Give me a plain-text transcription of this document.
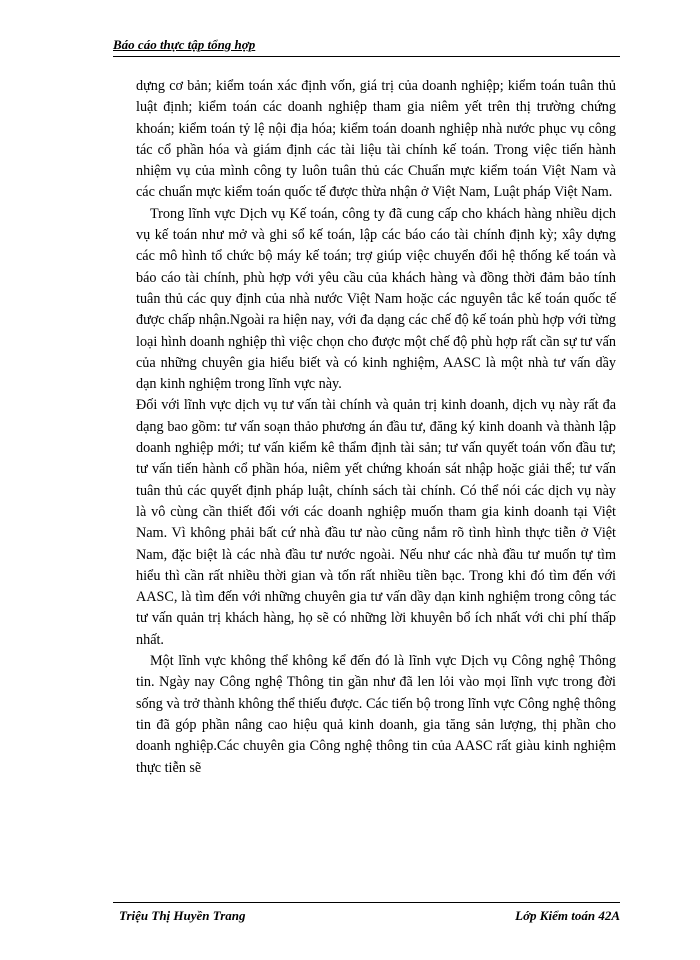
Báo cáo thực tập tổng hợp

dựng cơ bản; kiểm toán xác định vốn, giá trị của doanh nghiệp; kiểm toán tuân thủ luật định; kiểm toán các doanh nghiệp tham gia niêm yết trên thị trường chứng khoán; kiểm toán tỷ lệ nội địa hóa; kiểm toán doanh nghiệp nhà nước phục vụ công tác cổ phần hóa và giám định các tài liệu tài chính kế toán. Trong việc tiến hành nhiệm vụ của mình công ty luôn tuân thủ các Chuẩn mực kiểm toán Việt Nam và các chuẩn mực kiểm toán quốc tế được thừa nhận ở Việt Nam, Luật pháp Việt Nam.

Trong lĩnh vực Dịch vụ Kế toán, công ty đã cung cấp cho khách hàng nhiều dịch vụ kế toán như mở và ghi sổ kế toán, lập các báo cáo tài chính định kỳ; xây dựng các mô hình tổ chức bộ máy kế toán; trợ giúp việc chuyển đổi hệ thống kế toán và báo cáo tài chính, phù hợp với yêu cầu của khách hàng và đồng thời đảm bảo tính tuân thủ các quy định của nhà nước Việt Nam hoặc các nguyên tắc kế toán quốc tế được chấp nhận.Ngoài ra hiện nay, với đa dạng các chế độ kế toán phù hợp với từng loại hình doanh nghiệp thì việc chọn cho được một chế độ phù hợp rất cần sự tư vấn của những chuyên gia hiểu biết và có kinh nghiệm, AASC là một nhà tư vấn dầy dạn kinh nghiệm trong lĩnh vực này.

Đối với lĩnh vực dịch vụ tư vấn tài chính và quản trị kinh doanh, dịch vụ này rất đa dạng bao gồm: tư vấn soạn thảo phương án đầu tư, đăng ký kinh doanh và thành lập doanh nghiệp mới; tư vấn kiểm kê thẩm định tài sản; tư vấn quyết toán vốn đầu tư; tư vấn tiến hành cổ phần hóa, niêm yết chứng khoán sát nhập hoặc giải thể; tư vấn tuân thủ các quyết định pháp luật, chính sách tài chính. Có thể nói các dịch vụ này là vô cùng cần thiết đối với các doanh nghiệp muốn tham gia kinh doanh tại Việt Nam. Vì không phải bất cứ nhà đầu tư nào cũng nắm rõ tình hình thực tiễn ở Việt Nam, đặc biệt là các nhà đầu tư nước ngoài. Nếu như các nhà đầu tư muốn tự tìm hiểu thì cần rất nhiều thời gian và tốn rất nhiều tiền bạc. Trong khi đó tìm đến với AASC, là tìm đến với những chuyên gia tư vấn dầy dạn kinh nghiệm trong công tác tư vấn quản trị khách hàng, họ sẽ có những lời khuyên bổ ích nhất với chi phí thấp nhất.

Một lĩnh vực không thể không kể đến đó là lĩnh vực Dịch vụ Công nghệ Thông tin. Ngày nay Công nghệ Thông tin gần như đã len lỏi vào mọi lĩnh vực trong đời sống và trở thành không thể thiếu được. Các tiến bộ trong lĩnh vực Công nghệ thông tin đã góp phần nâng cao hiệu quả kinh doanh, gia tăng sản lượng, thị phần cho doanh nghiệp.Các chuyên gia Công nghệ thông tin của AASC rất giàu kinh nghiệm thực tiễn sẽ

Triệu Thị Huyền Trang	Lớp Kiểm toán 42A
